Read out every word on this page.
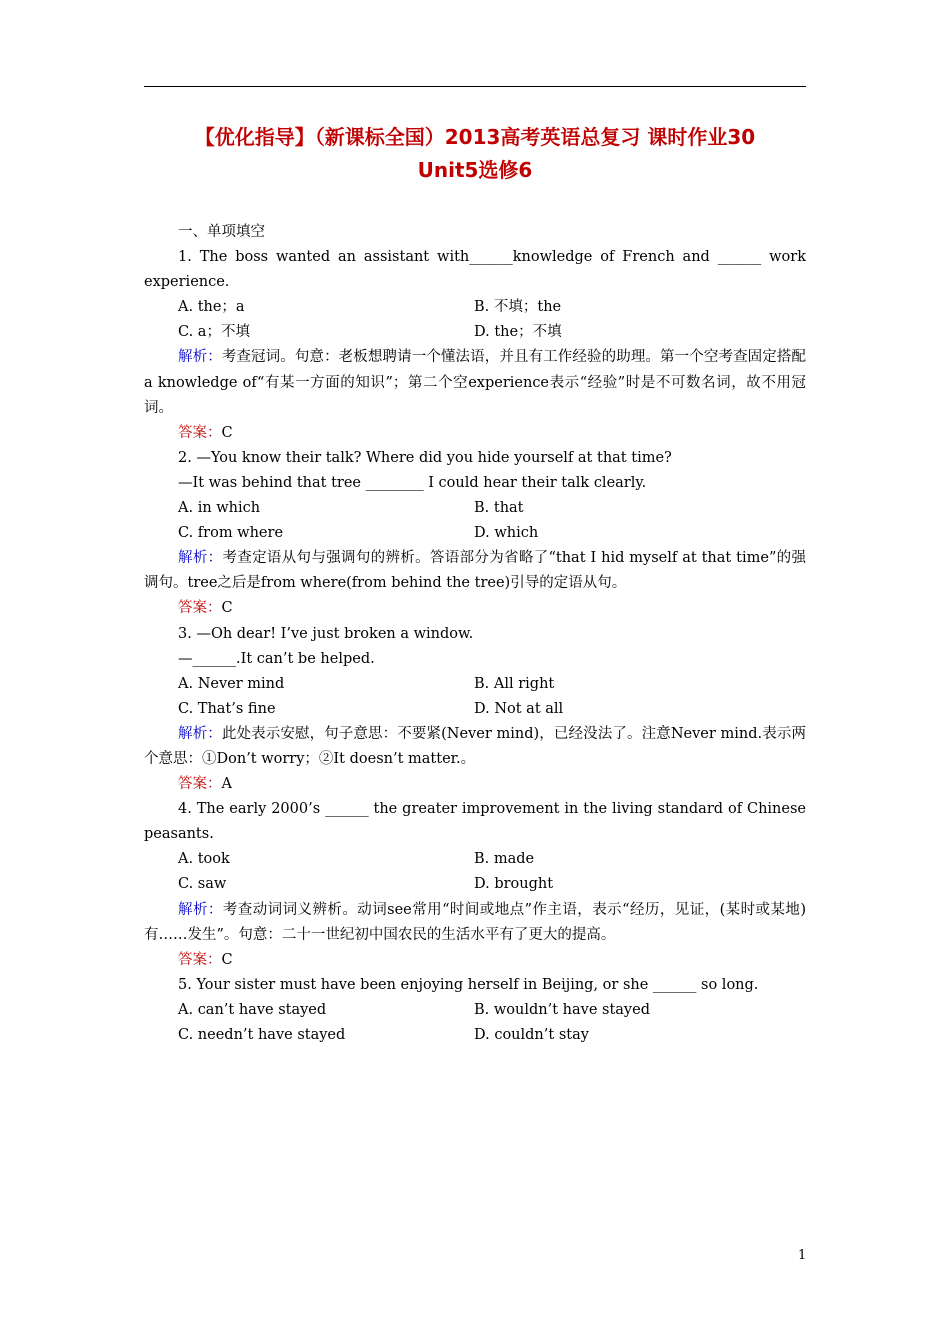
【优化指导】（新课标全国）2013高考英语总复习 课时作业30
Unit5选修6
一、单项填空
1. The boss wanted an assistant with______knowledge of French and ______ work experience.
A. the；a	B. 不填；the
C. a；不填	D. the；不填
解析：考查冠词。句意：老板想聘请一个懂法语，并且有工作经验的助理。第一个空考查固定搭配a knowledge of“有某一方面的知识”；第二个空experience表示“经验”时是不可数名词，故不用冠词。
答案：C
2. —You know their talk? Where did you hide yourself at that time?
—It was behind that tree ________ I could hear their talk clearly.
A. in which	B. that
C. from where	D. which
解析：考查定语从句与强调句的辨析。答语部分为省略了“that I hid myself at that time”的强调句。tree之后是from where(from behind the tree)引导的定语从句。
答案：C
3. —Oh dear! I’ve just broken a window.
—______.It can’t be helped.
A. Never mind	B. All right
C. That’s fine	D. Not at all
解析：此处表示安慰，句子意思：不要紧(Never mind)，已经没法了。注意Never mind.表示两个意思：①Don’t worry；②It doesn’t matter.。
答案：A
4. The early 2000’s ______ the greater improvement in the living standard of Chinese peasants.
A. took	B. made
C. saw	D. brought
解析：考查动词词义辨析。动词see常用“时间或地点”作主语，表示“经历，见证，(某时或某地)有……发生”。句意：二十一世纪初中国农民的生活水平有了更大的提高。
答案：C
5. Your sister must have been enjoying herself in Beijing, or she ______ so long.
A. can’t have stayed	B. wouldn’t have stayed
C. needn’t have stayed	D. couldn’t stay
1
